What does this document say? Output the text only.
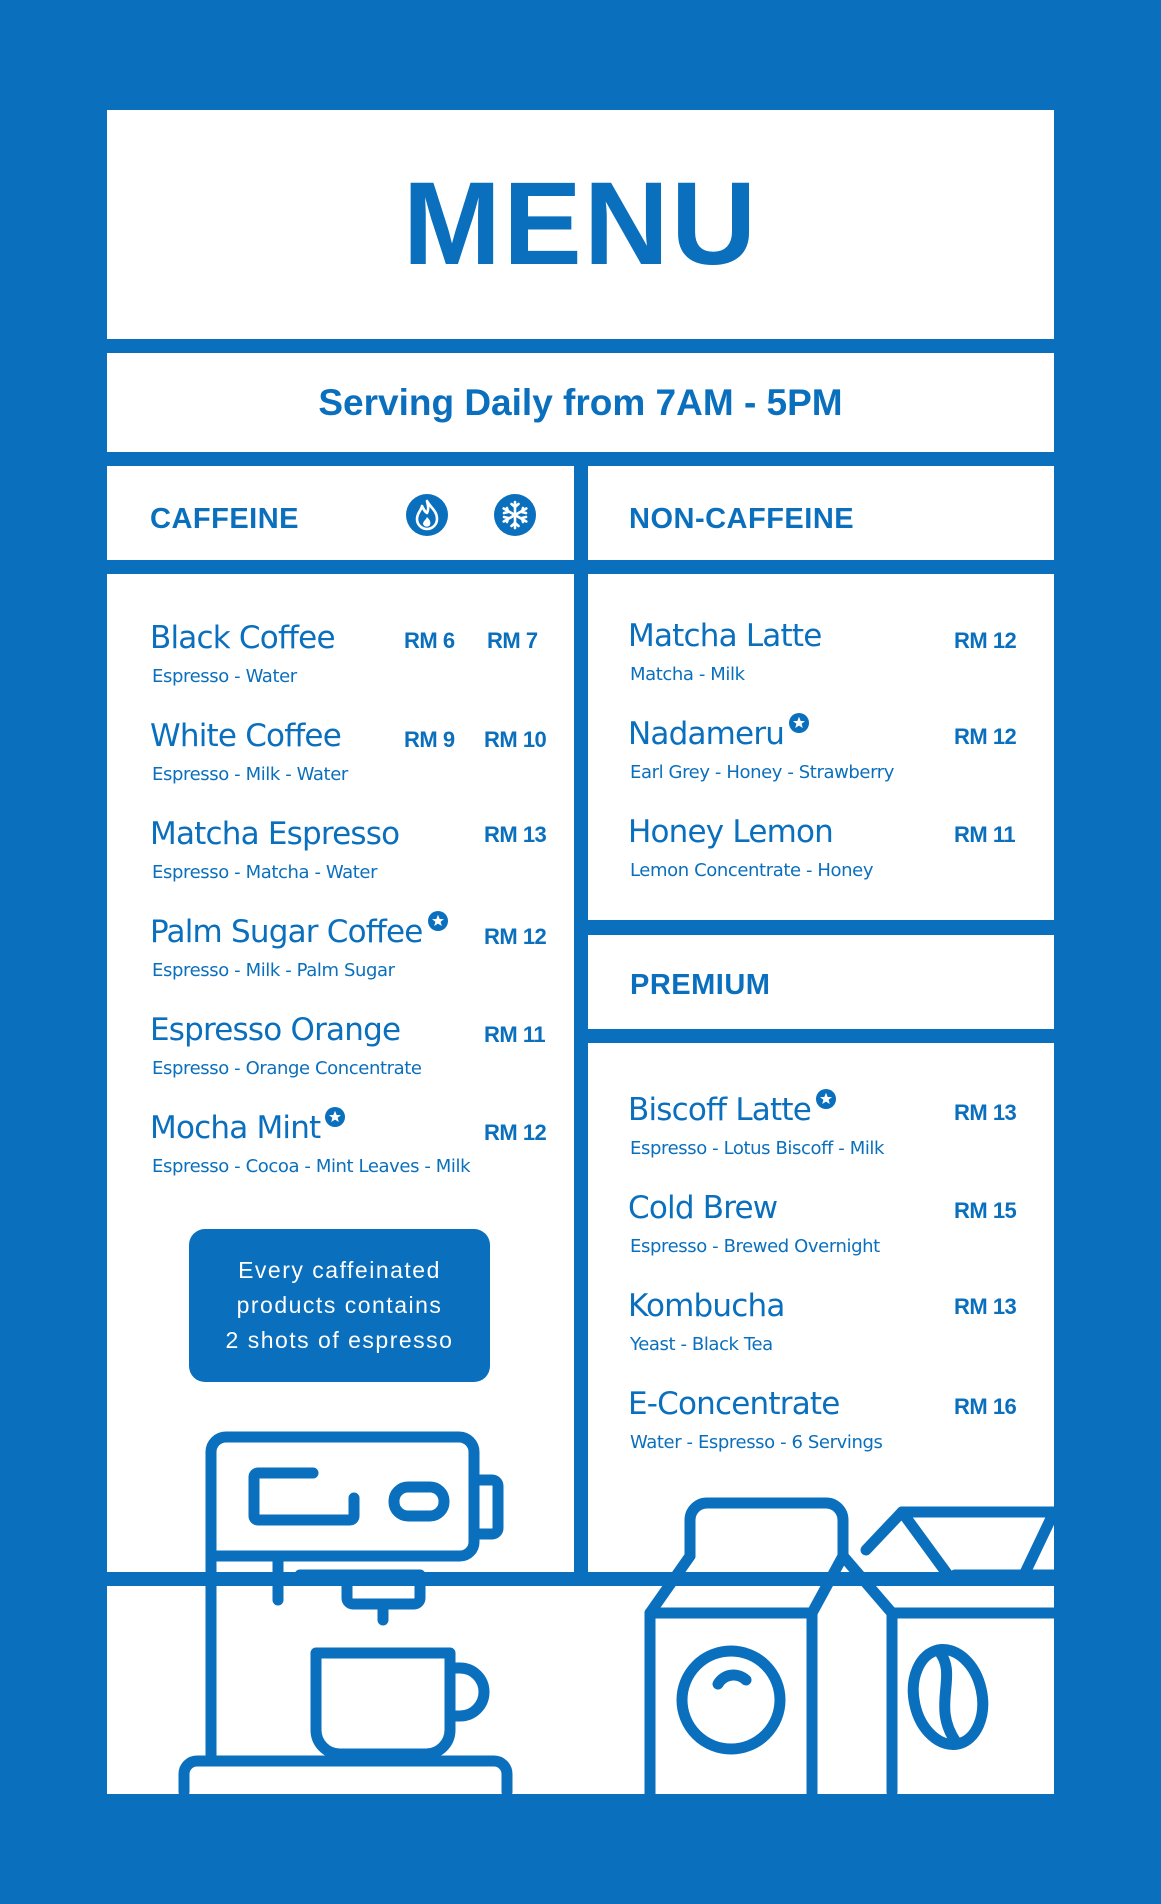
MENU
Serving Daily from 7AM - 5PM
CAFFEINE	NON-CAFFEINE
PREMIUM
Black Coffee
Espresso - Water
RM 6 RM 7
White Coffee
Espresso - Milk - Water
RM 9 RM 10
Matcha Espresso
Espresso - Matcha - Water
RM 13
Palm Sugar Coffee
Espresso - Milk - Palm Sugar
RM 12
Espresso Orange
Espresso - Orange Concentrate
RM 11
Mocha Mint
Espresso - Cocoa - Mint Leaves - Milk
RM 12
Every caffeinated
products contains
2 shots of espresso
Matcha Latte
Matcha - Milk
RM 12
Nadameru
Earl Grey - Honey - Strawberry
RM 12
Honey Lemon
Lemon Concentrate - Honey
RM 11
Biscoff Latte
Espresso - Lotus Biscoff - Milk
RM 13
Cold Brew
Espresso - Brewed Overnight
RM 15
Kombucha
Yeast - Black Tea
RM 13
E-Concentrate
Water - Espresso - 6 Servings
RM 16
